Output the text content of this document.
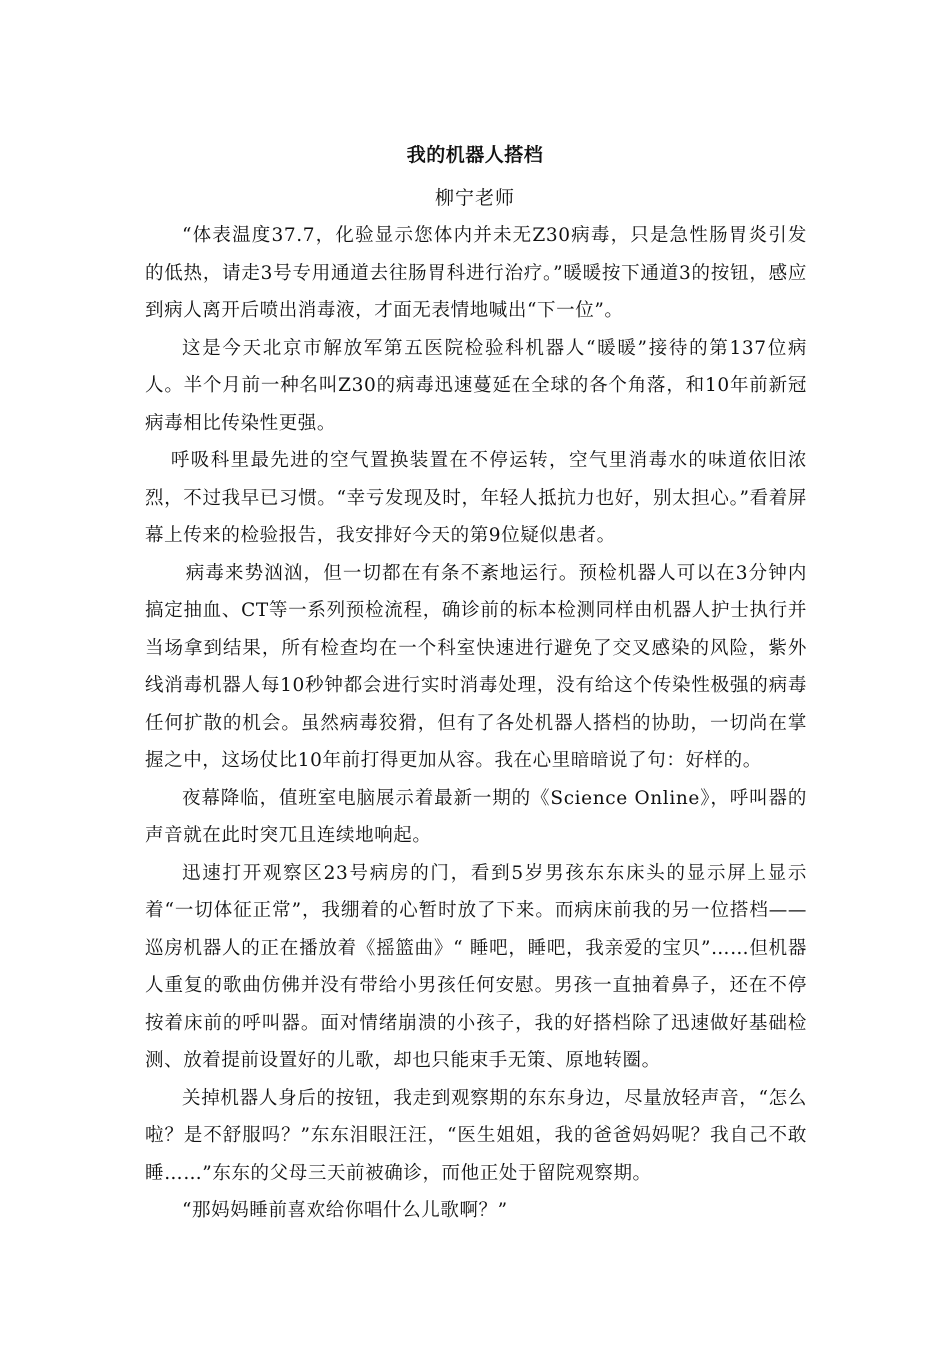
我的机器人搭档
柳宁老师

“体表温度37.7，化验显示您体内并未无Z30病毒，只是急性肠胃炎引发的低热，请走3号专用通道去往肠胃科进行治疗。”暖暖按下通道3的按钮，感应到病人离开后喷出消毒液，才面无表情地喊出“下一位”。

这是今天北京市解放军第五医院检验科机器人“暖暖”接待的第137位病人。半个月前一种名叫Z30的病毒迅速蔓延在全球的各个角落，和10年前新冠病毒相比传染性更强。

呼吸科里最先进的空气置换装置在不停运转，空气里消毒水的味道依旧浓烈，不过我早已习惯。“幸亏发现及时，年轻人抵抗力也好，别太担心。”看着屏幕上传来的检验报告，我安排好今天的第9位疑似患者。

病毒来势汹汹，但一切都在有条不紊地运行。预检机器人可以在3分钟内搞定抽血、CT等一系列预检流程，确诊前的标本检测同样由机器人护士执行并当场拿到结果，所有检查均在一个科室快速进行避免了交叉感染的风险，紫外线消毒机器人每10秒钟都会进行实时消毒处理，没有给这个传染性极强的病毒任何扩散的机会。虽然病毒狡猾，但有了各处机器人搭档的协助，一切尚在掌握之中，这场仗比10年前打得更加从容。我在心里暗暗说了句：好样的。

夜幕降临，值班室电脑展示着最新一期的《Science Online》，呼叫器的声音就在此时突兀且连续地响起。

迅速打开观察区23号病房的门，看到5岁男孩东东床头的显示屏上显示着“一切体征正常”，我绷着的心暂时放了下来。而病床前我的另一位搭档——巡房机器人的正在播放着《摇篮曲》“ 睡吧，睡吧，我亲爱的宝贝”……但机器人重复的歌曲仿佛并没有带给小男孩任何安慰。男孩一直抽着鼻子，还在不停按着床前的呼叫器。面对情绪崩溃的小孩子，我的好搭档除了迅速做好基础检测、放着提前设置好的儿歌，却也只能束手无策、原地转圈。

关掉机器人身后的按钮，我走到观察期的东东身边，尽量放轻声音，“怎么啦？是不舒服吗？”东东泪眼汪汪，“医生姐姐，我的爸爸妈妈呢？我自己不敢睡……”东东的父母三天前被确诊，而他正处于留院观察期。

“那妈妈睡前喜欢给你唱什么儿歌啊？”
